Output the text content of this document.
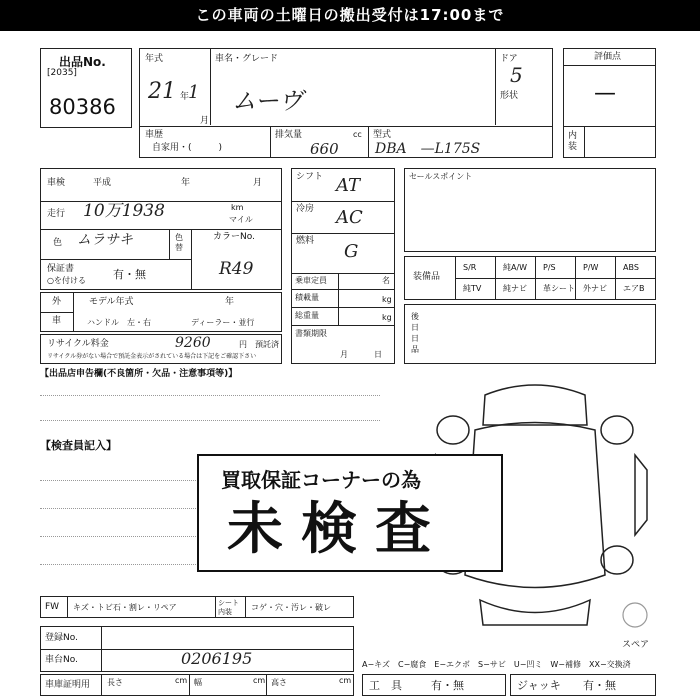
この車両の土曜日の搬出受付は17:00まで
出品No.
[2035]
80386
年式
21 年
1
月
車名・グレード
ムーヴ
ドア
5
形状
車歴
自家用・(　　　)
排気量	cc
660
型式
DBA　—L175S
評価点
—
内装
車検	平成	年	月
走行 10万1938	km
マイル
色 ムラサキ	色替
カラーNo.
R49
保証書
○を付ける 有・無
外
車
モデル年式	年
ハンドル　左・右	ディーラー・並行
リサイクル料金	9260	円　預託済
リサイクル券がない場合で預託金表示がされている場合は下記をご確認下さい
シフト AT
冷房 AC
燃料 G
乗車定員	名
積載量	kg
総重量	kg
書類期限
月日
セールスポイント
装備品
S/R	純A/W P/S	P/W	ABS
純TV	純ナビ 革シート 外ナビ エアB
後日日品
【出品店申告欄(不良箇所・欠品・注意事項等)】
【検査員記入】
スペア
買取保証コーナーの為
未検査
FW キズ・トビ石・割レ・リペア	シート内装	コゲ・穴・汚レ・破レ
登録No.
車台No.	0206195	A−キズ　C−腐食　E−エクボ　S−サビ　U−凹ミ　W−補修　XX−交換済
車庫証明用 長さ	cm 幅	cm 高さ	cm 工　具	有・無	ジャッキ 有・無
